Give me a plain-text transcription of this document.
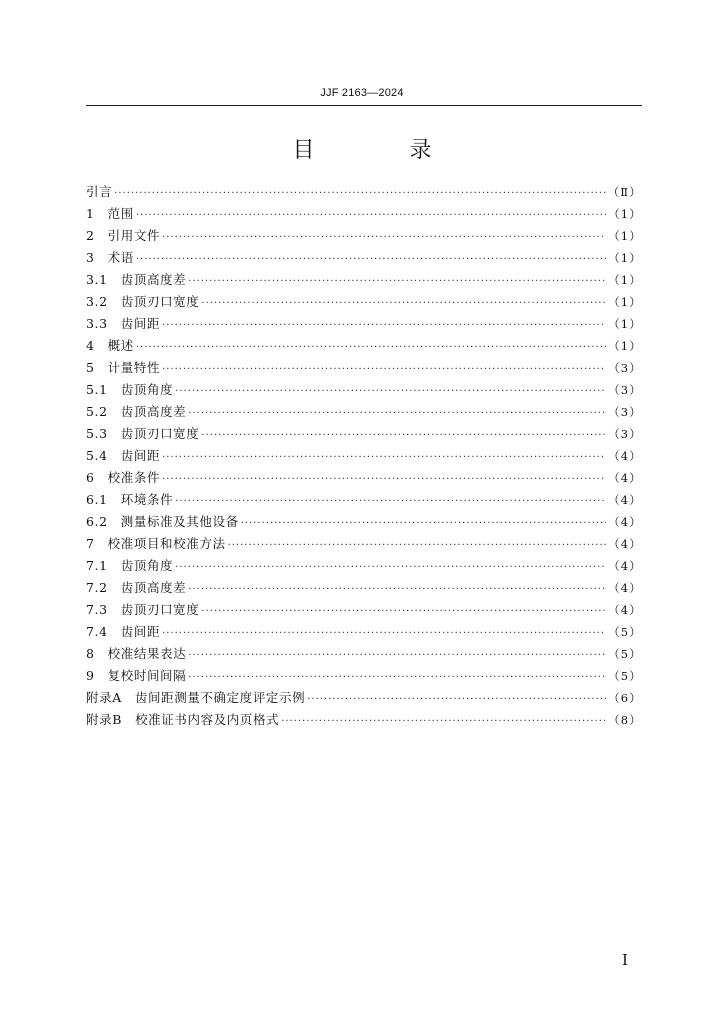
JJF 2163—2024
目 录
引言 ·····	（Ⅱ）
1　范围 ·····	（1）
2　引用文件 ·····	（1）
3　术语 ·····	（1）
3.1　齿顶高度差 ·····	（1）
3.2　齿顶刃口宽度 ·····	（1）
3.3　齿间距 ·····	（1）
4　概述 ·····	（1）
5　计量特性 ·····	（3）
5.1　齿顶角度 ·····	（3）
5.2　齿顶高度差 ·····	（3）
5.3　齿顶刃口宽度 ·····	（3）
5.4　齿间距 ·····	（4）
6　校准条件 ·····	（4）
6.1　环境条件 ·····	（4）
6.2　测量标准及其他设备 ·····	（4）
7　校准项目和校准方法 ·····	（4）
7.1　齿顶角度 ·····	（4）
7.2　齿顶高度差 ·····	（4）
7.3　齿顶刃口宽度 ·····	（4）
7.4　齿间距 ·····	（5）
8　校准结果表达 ·····	（5）
9　复校时间间隔 ·····	（5）
附录A　齿间距测量不确定度评定示例 ·····	（6）
附录B　校准证书内容及内页格式 ·····	（8）
I
